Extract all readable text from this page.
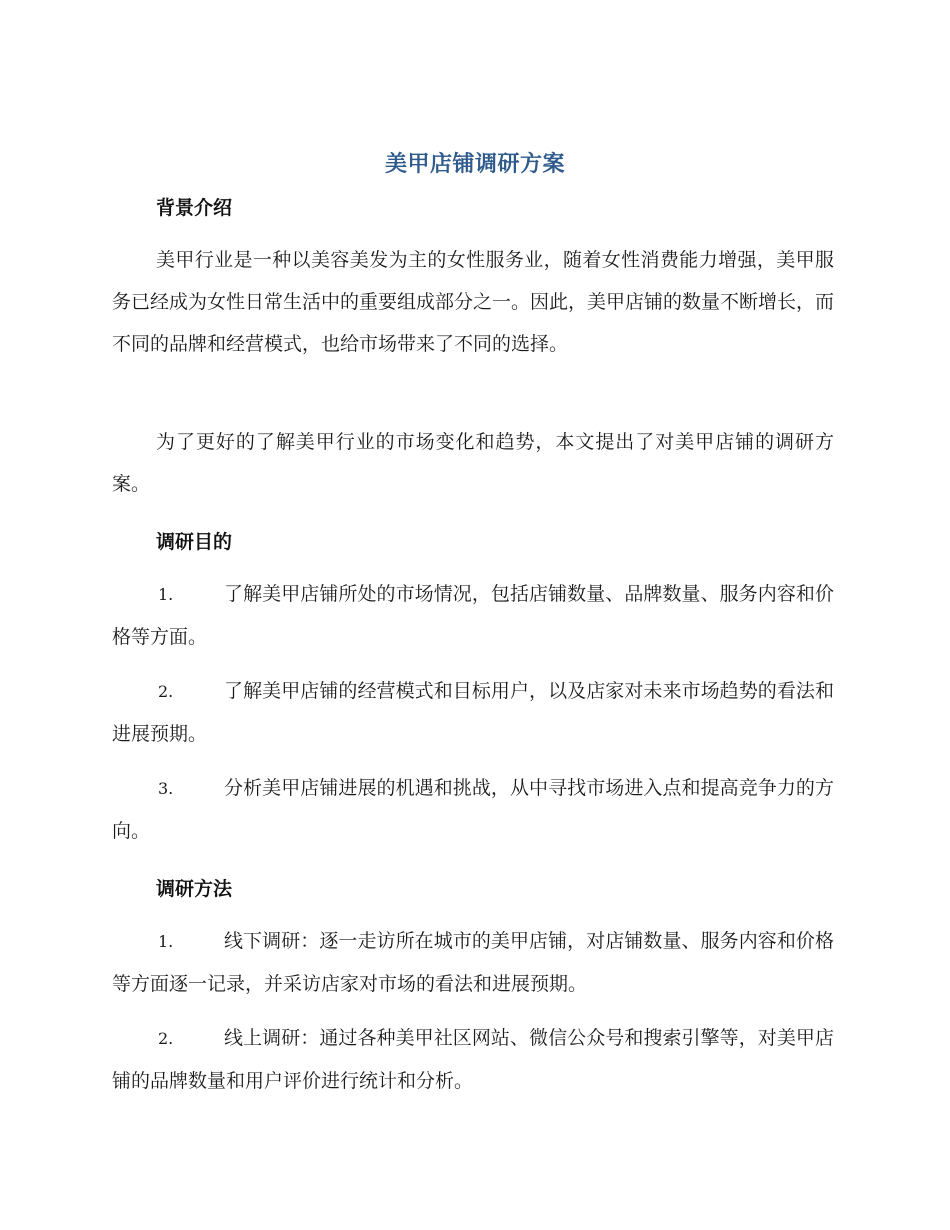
美甲店铺调研方案
背景介绍
美甲行业是一种以美容美发为主的女性服务业，随着女性消费能力增强，美甲服务已经成为女性日常生活中的重要组成部分之一。因此，美甲店铺的数量不断增长，而不同的品牌和经营模式，也给市场带来了不同的选择。
为了更好的了解美甲行业的市场变化和趋势，本文提出了对美甲店铺的调研方案。
调研目的
1.	了解美甲店铺所处的市场情况，包括店铺数量、品牌数量、服务内容和价格等方面。
2.	了解美甲店铺的经营模式和目标用户，以及店家对未来市场趋势的看法和进展预期。
3.	分析美甲店铺进展的机遇和挑战，从中寻找市场进入点和提高竞争力的方向。
调研方法
1.	线下调研：逐一走访所在城市的美甲店铺，对店铺数量、服务内容和价格等方面逐一记录，并采访店家对市场的看法和进展预期。
2.	线上调研：通过各种美甲社区网站、微信公众号和搜索引擎等，对美甲店铺的品牌数量和用户评价进行统计和分析。
